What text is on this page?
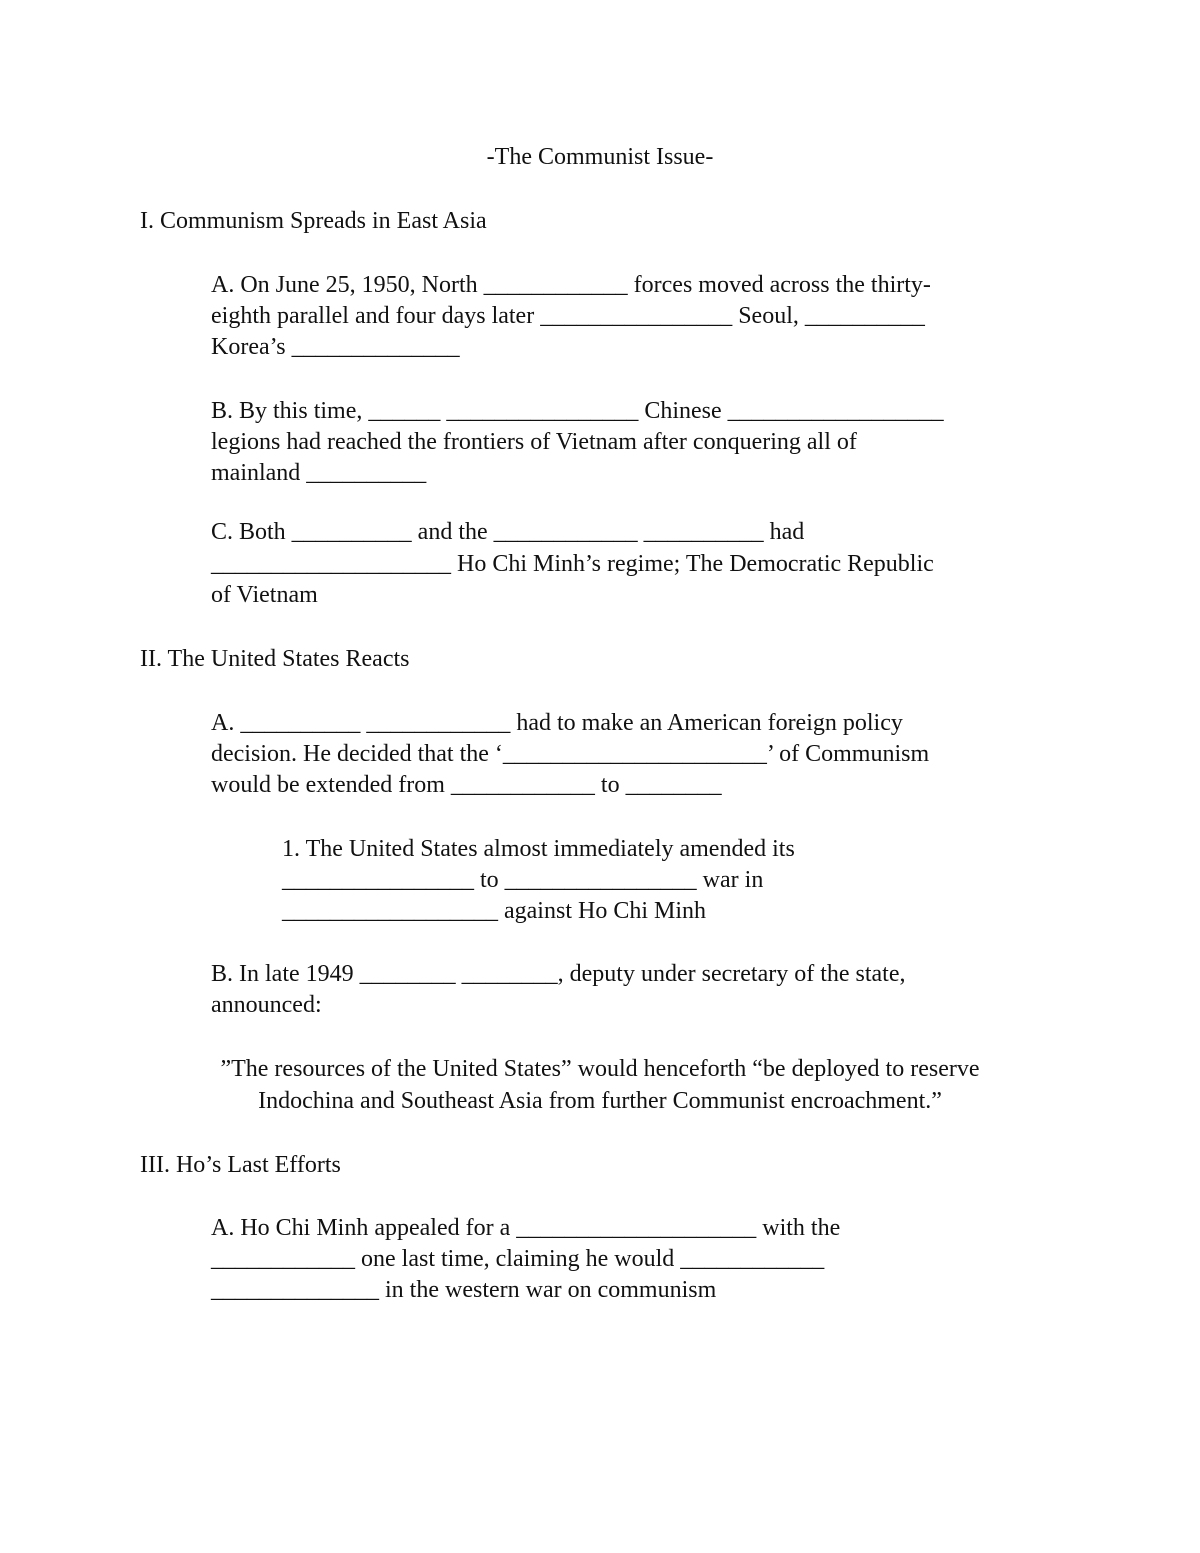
-The Communist Issue-
I. Communism Spreads in East Asia
A. On June 25, 1950, North ____________ forces moved across the thirty-
eighth parallel and four days later ________________ Seoul, __________
Korea’s ______________
B. By this time, ______ ________________ Chinese __________________
legions had reached the frontiers of Vietnam after conquering all of
mainland __________
C. Both __________ and the ____________ __________ had
____________________ Ho Chi Minh’s regime; The Democratic Republic
of Vietnam
II. The United States Reacts
A. __________ ____________ had to make an American foreign policy
decision. He decided that the ‘______________________’ of Communism
would be extended from ____________ to ________
1. The United States almost immediately amended its
________________ to ________________ war in
__________________ against Ho Chi Minh
B. In late 1949 ________ ________, deputy under secretary of the state,
announced:
”The resources of the United States” would henceforth “be deployed to reserve
Indochina and Southeast Asia from further Communist encroachment.”
III. Ho’s Last Efforts
A. Ho Chi Minh appealed for a ____________________ with the
____________ one last time, claiming he would ____________
______________ in the western war on communism
